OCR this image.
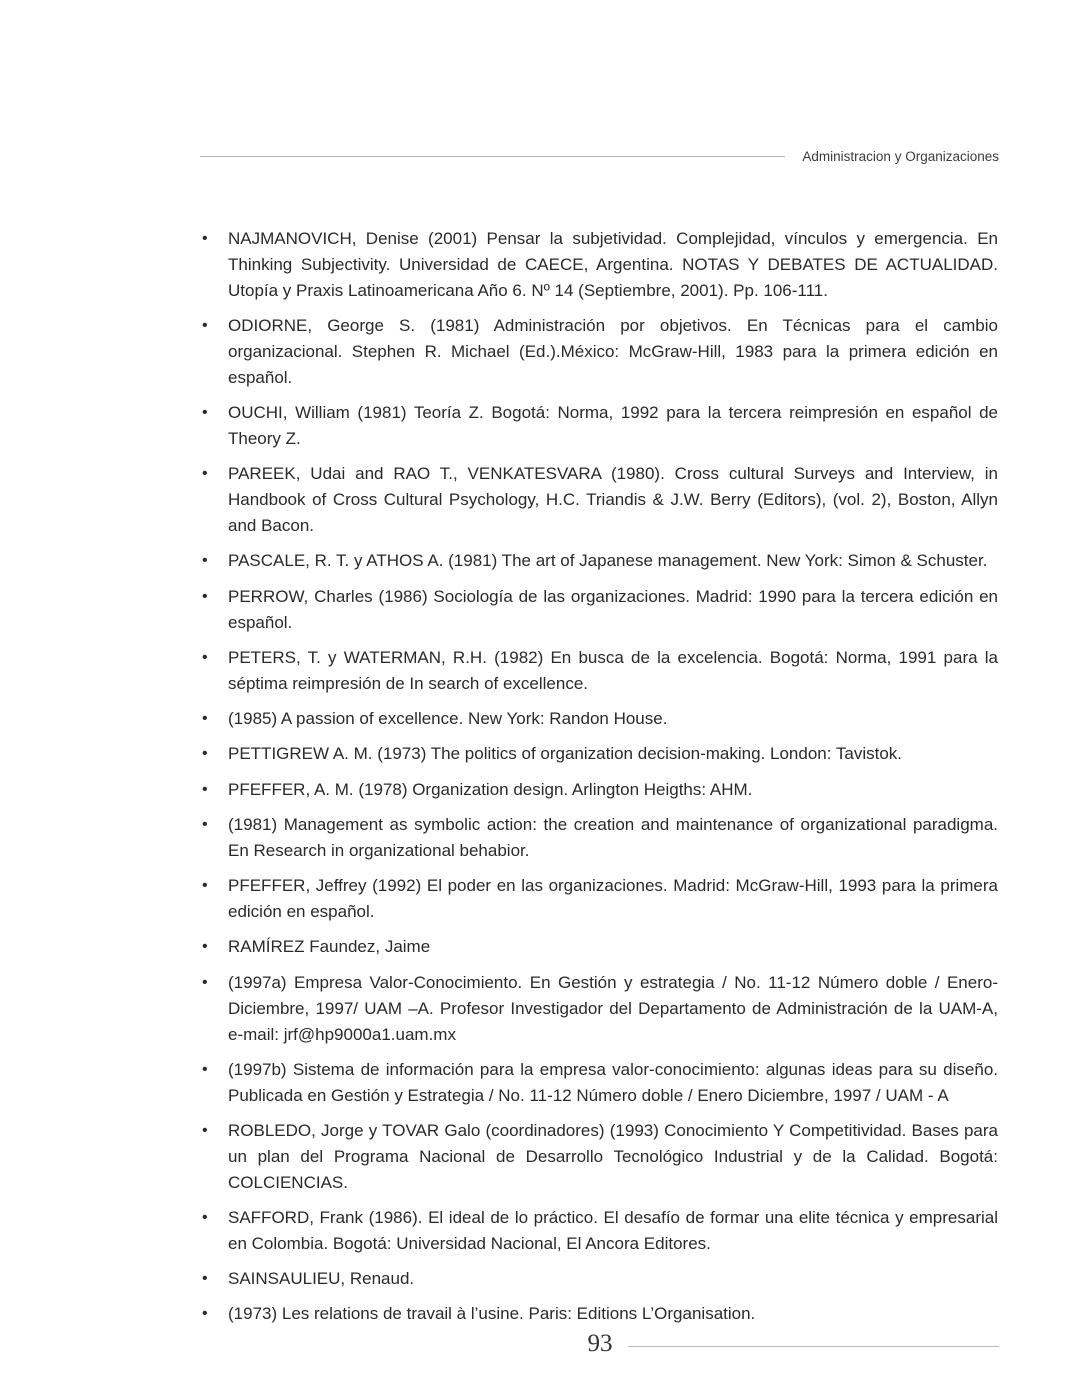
Administracion y Organizaciones
• NAJMANOVICH, Denise (2001) Pensar la subjetividad. Complejidad, vínculos y emergencia. En Thinking Subjectivity. Universidad de CAECE, Argentina. NOTAS Y DEBATES DE ACTUALIDAD. Utopía y Praxis Latinoamericana Año 6. Nº 14 (Septiembre, 2001). Pp. 106-111.
• ODIORNE, George S. (1981) Administración por objetivos. En Técnicas para el cambio organizacional. Stephen R. Michael (Ed.).México: McGraw-Hill, 1983 para la primera edición en español.
• OUCHI, William (1981) Teoría Z. Bogotá: Norma, 1992 para la tercera reimpresión en español de Theory Z.
• PAREEK, Udai and RAO T., VENKATESVARA (1980). Cross cultural Surveys and Interview, in Handbook of Cross Cultural Psychology, H.C. Triandis & J.W. Berry (Editors), (vol. 2), Boston, Allyn and Bacon.
• PASCALE, R. T. y ATHOS A. (1981) The art of Japanese management. New York: Simon & Schuster.
• PERROW, Charles (1986) Sociología de las organizaciones. Madrid: 1990 para la tercera edición en español.
• PETERS, T. y WATERMAN, R.H. (1982) En busca de la excelencia. Bogotá: Norma, 1991 para la séptima reimpresión de In search of excellence.
• (1985) A passion of excellence. New York: Randon House.
• PETTIGREW A. M. (1973) The politics of organization decision-making. London: Tavistok.
• PFEFFER, A. M. (1978) Organization design. Arlington Heigths: AHM.
• (1981) Management as symbolic action: the creation and maintenance of organizational paradigma. En Research in organizational behabior.
• PFEFFER, Jeffrey (1992) El poder en las organizaciones. Madrid: McGraw-Hill, 1993 para la primera edición en español.
• RAMÍREZ Faundez, Jaime
• (1997a) Empresa Valor-Conocimiento. En Gestión y estrategia / No. 11-12 Número doble / Enero-Diciembre, 1997/ UAM –A. Profesor Investigador del Departamento de Administración de la UAM-A, e-mail: jrf@hp9000a1.uam.mx
• (1997b) Sistema de información para la empresa valor-conocimiento: algunas ideas para su diseño. Publicada en Gestión y Estrategia / No. 11-12 Número doble / Enero Diciembre, 1997 / UAM - A
• ROBLEDO, Jorge y TOVAR Galo (coordinadores) (1993) Conocimiento Y Competitividad. Bases para un plan del Programa Nacional de Desarrollo Tecnológico Industrial y de la Calidad. Bogotá: COLCIENCIAS.
• SAFFORD, Frank (1986). El ideal de lo práctico. El desafío de formar una elite técnica y empresarial en Colombia. Bogotá: Universidad Nacional, El Ancora Editores.
• SAINSAULIEU, Renaud.
• (1973) Les relations de travail à l’usine. Paris: Editions L’Organisation.
93
